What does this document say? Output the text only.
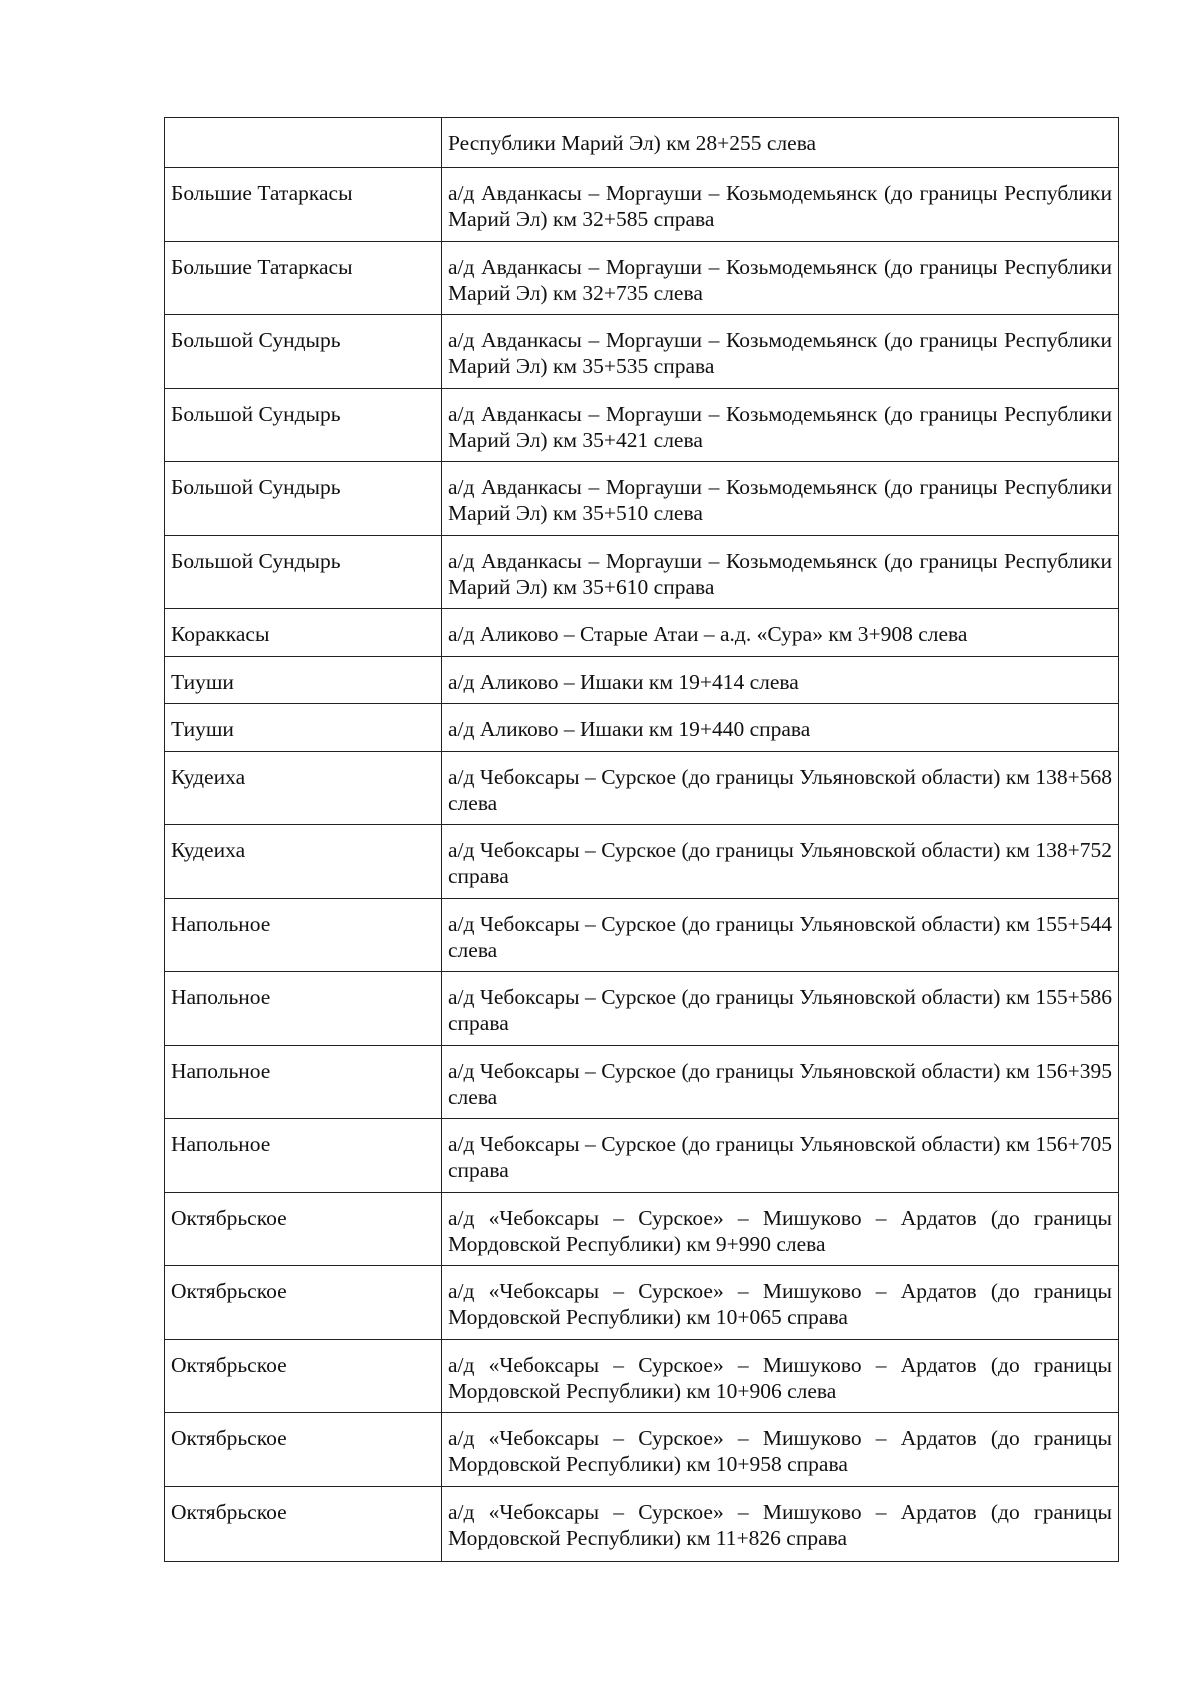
	Республики Марий Эл) км 28+255 слева
Большие Татаркасы	а/д Авданкасы – Моргауши – Козьмодемьянск (до границы Республики Марий Эл) км 32+585 справа
Большие Татаркасы	а/д Авданкасы – Моргауши – Козьмодемьянск (до границы Республики Марий Эл) км 32+735 слева
Большой Сундырь	а/д Авданкасы – Моргауши – Козьмодемьянск (до границы Республики Марий Эл) км 35+535 справа
Большой Сундырь	а/д Авданкасы – Моргауши – Козьмодемьянск (до границы Республики Марий Эл) км 35+421 слева
Большой Сундырь	а/д Авданкасы – Моргауши – Козьмодемьянск (до границы Республики Марий Эл) км 35+510 слева
Большой Сундырь	а/д Авданкасы – Моргауши – Козьмодемьянск (до границы Республики Марий Эл) км 35+610 справа
Кораккасы	а/д Аликово – Старые Атаи – а.д. «Сура» км 3+908 слева
Тиуши	а/д Аликово – Ишаки км 19+414 слева
Тиуши	а/д Аликово – Ишаки км 19+440 справа
Кудеиха	а/д Чебоксары – Сурское (до границы Ульяновской области) км 138+568 слева
Кудеиха	а/д Чебоксары – Сурское (до границы Ульяновской области) км 138+752 справа
Напольное	а/д Чебоксары – Сурское (до границы Ульяновской области) км 155+544 слева
Напольное	а/д Чебоксары – Сурское (до границы Ульяновской области) км 155+586 справа
Напольное	а/д Чебоксары – Сурское (до границы Ульяновской области) км 156+395 слева
Напольное	а/д Чебоксары – Сурское (до границы Ульяновской области) км 156+705 справа
Октябрьское	а/д «Чебоксары – Сурское» – Мишуково – Ардатов (до границы Мордовской Республики) км 9+990 слева
Октябрьское	а/д «Чебоксары – Сурское» – Мишуково – Ардатов (до границы Мордовской Республики) км 10+065 справа
Октябрьское	а/д «Чебоксары – Сурское» – Мишуково – Ардатов (до границы Мордовской Республики) км 10+906 слева
Октябрьское	а/д «Чебоксары – Сурское» – Мишуково – Ардатов (до границы Мордовской Республики) км 10+958 справа
Октябрьское	а/д «Чебоксары – Сурское» – Мишуково – Ардатов (до границы Мордовской Республики) км 11+826 справа
